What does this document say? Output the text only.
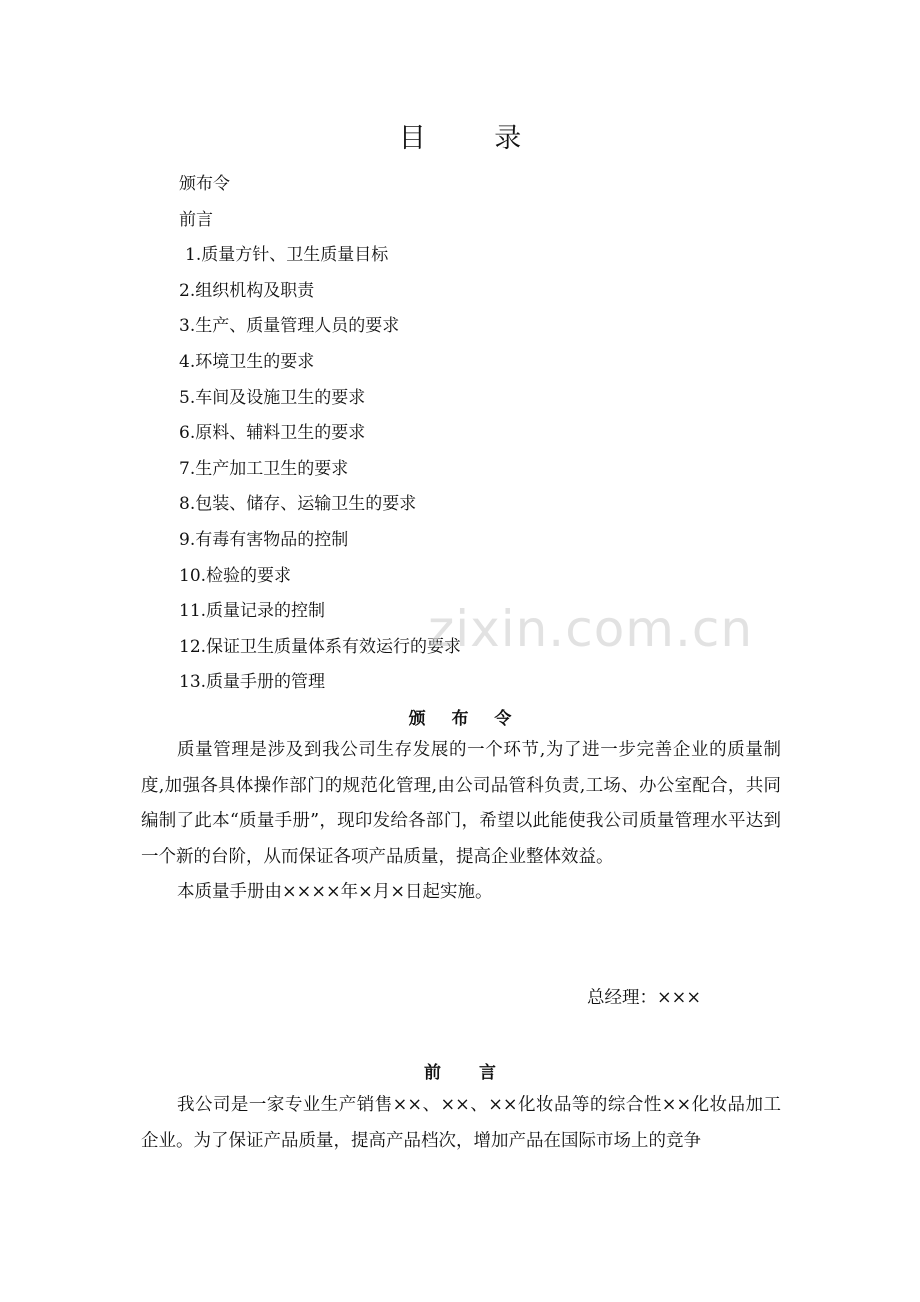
目 录
颁布令
前言
1.质量方针、卫生质量目标
2.组织机构及职责
3.生产、质量管理人员的要求
4.环境卫生的要求
5.车间及设施卫生的要求
6.原料、辅料卫生的要求
7.生产加工卫生的要求
8.包装、储存、运输卫生的要求
9.有毒有害物品的控制
10.检验的要求
11.质量记录的控制
12.保证卫生质量体系有效运行的要求
13.质量手册的管理
zixin.com.cn
颁 布 令

质量管理是涉及到我公司生存发展的一个环节,为了进一步完善企业的质量制度,加强各具体操作部门的规范化管理,由公司品管科负责,工场、办公室配合，共同编制了此本“质量手册”，现印发给各部门，希望以此能使我公司质量管理水平达到一个新的台阶，从而保证各项产品质量，提高企业整体效益。

本质量手册由××××年×月×日起实施。

总经理：×××
前 言

我公司是一家专业生产销售××、××、××化妆品等的综合性××化妆品加工企业。为了保证产品质量，提高产品档次，增加产品在国际市场上的竞争
